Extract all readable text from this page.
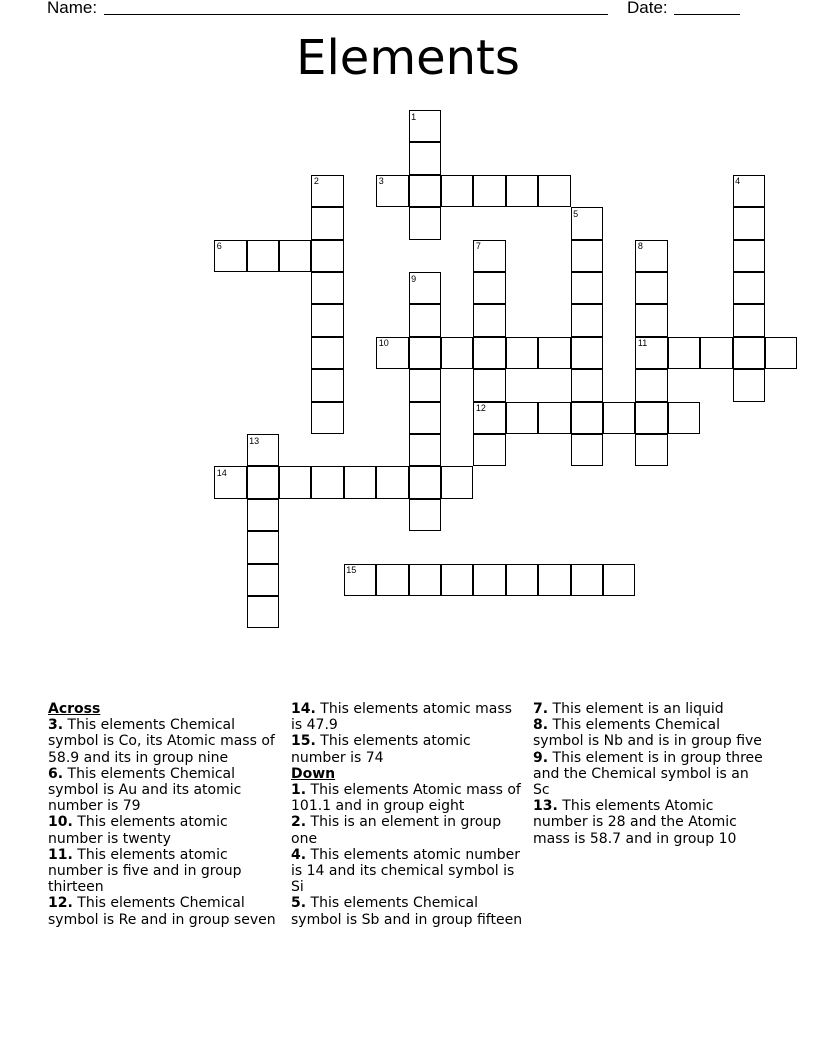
Name:	Date:
Elements
1
2	3	4
5
6	7	8
9
10	11
12
13
14
15
Across
3. This elements Chemical symbol is Co, its Atomic mass of 58.9 and its in group nine
6. This elements Chemical symbol is Au and its atomic number is 79
10. This elements atomic number is twenty
11. This elements atomic number is five and in group thirteen
12. This elements Chemical symbol is Re and in group seven
14. This elements atomic mass is 47.9
15. This elements atomic number is 74
Down
1. This elements Atomic mass of 101.1 and in group eight
2. This is an element in group one
4. This elements atomic number is 14 and its chemical symbol is Si
5. This elements Chemical symbol is Sb and in group fifteen
7. This element is an liquid
8. This elements Chemical symbol is Nb and is in group five
9. This element is in group three and the Chemical symbol is an Sc
13. This elements Atomic number is 28 and the Atomic mass is 58.7 and in group 10
